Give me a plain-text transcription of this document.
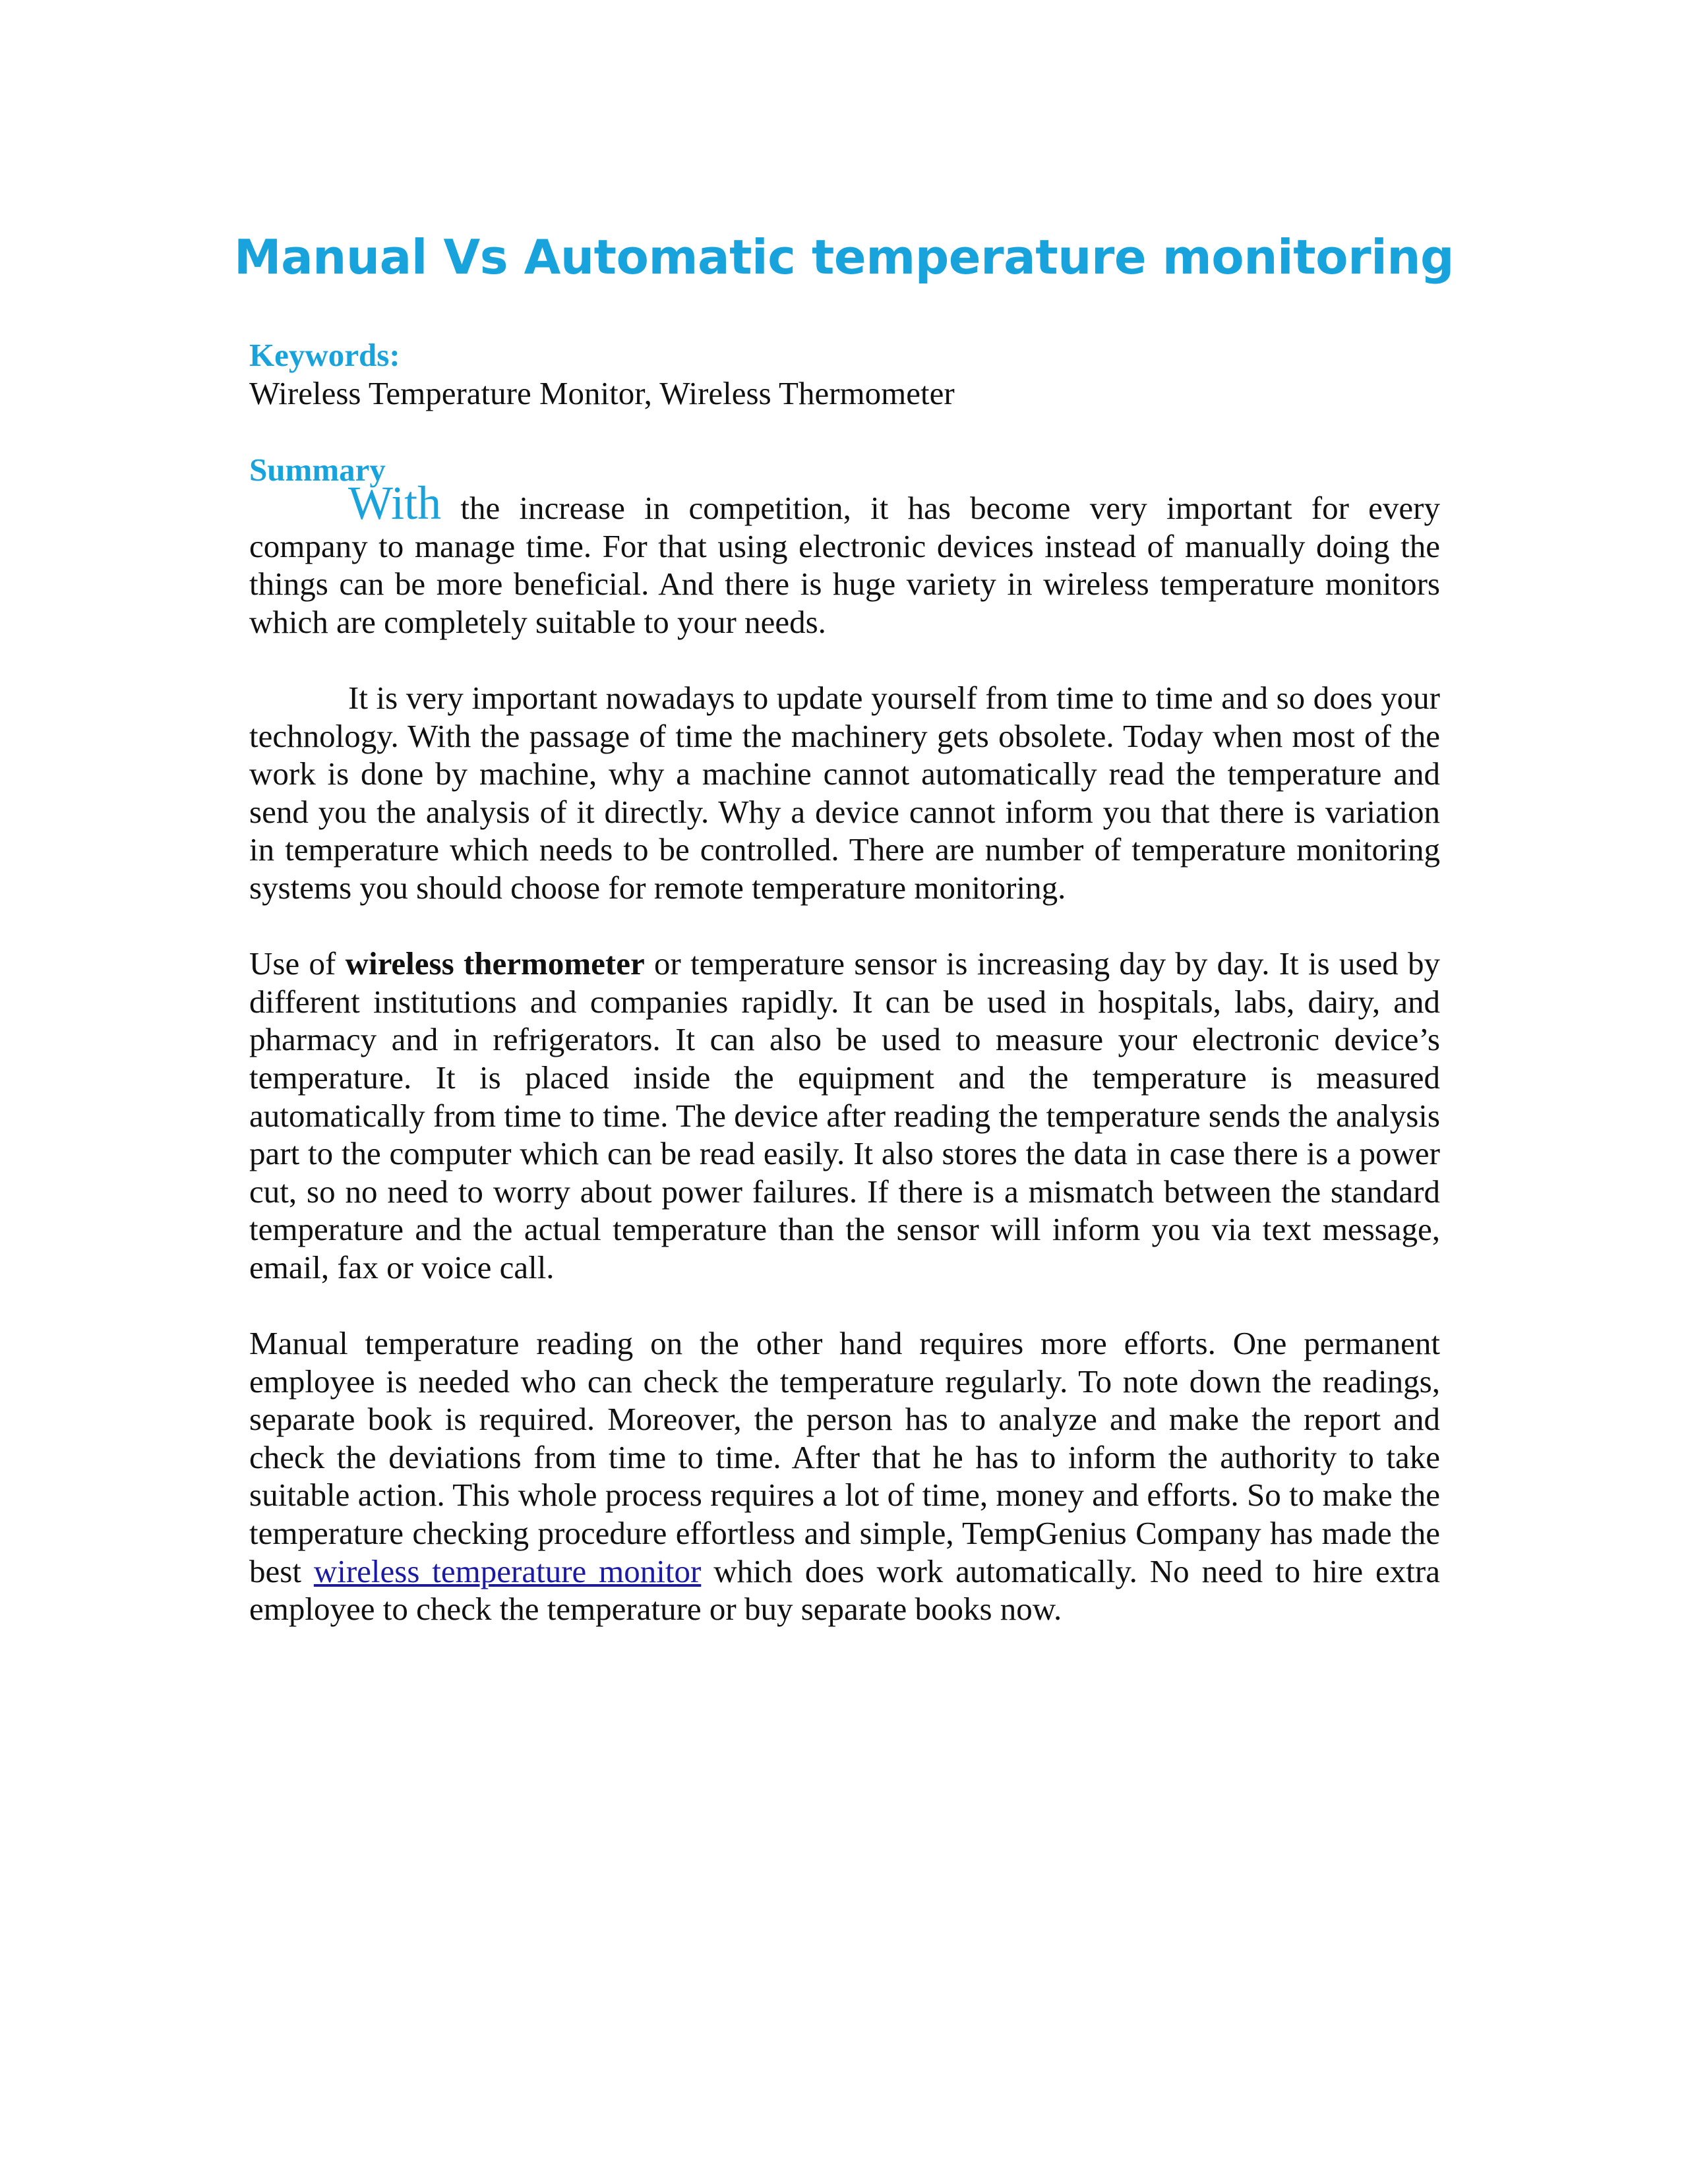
Manual Vs Automatic temperature monitoring

Keywords:

Wireless Temperature Monitor, Wireless Thermometer

Summary

With the increase in competition, it has become very important for every company to manage time. For that using electronic devices instead of manually doing the things can be more beneficial. And there is huge variety in wireless temperature monitors which are completely suitable to your needs.

It is very important nowadays to update yourself from time to time and so does your technology. With the passage of time the machinery gets obsolete. Today when most of the work is done by machine, why a machine cannot automatically read the temperature and send you the analysis of it directly. Why a device cannot inform you that there is variation in temperature which needs to be controlled. There are number of temperature monitoring systems you should choose for remote temperature monitoring.

Use of wireless thermometer or temperature sensor is increasing day by day. It is used by different institutions and companies rapidly. It can be used in hospitals, labs, dairy, and pharmacy and in refrigerators. It can also be used to measure your electronic device’s temperature. It is placed inside the equipment and the temperature is measured automatically from time to time. The device after reading the temperature sends the analysis part to the computer which can be read easily. It also stores the data in case there is a power cut, so no need to worry about power failures. If there is a mismatch between the standard temperature and the actual temperature than the sensor will inform you via text message, email, fax or voice call.

Manual temperature reading on the other hand requires more efforts. One permanent employee is needed who can check the temperature regularly. To note down the readings, separate book is required. Moreover, the person has to analyze and make the report and check the deviations from time to time. After that he has to inform the authority to take suitable action. This whole process requires a lot of time, money and efforts. So to make the temperature checking procedure effortless and simple, TempGenius Company has made the best wireless temperature monitor which does work automatically. No need to hire extra employee to check the temperature or buy separate books now.
